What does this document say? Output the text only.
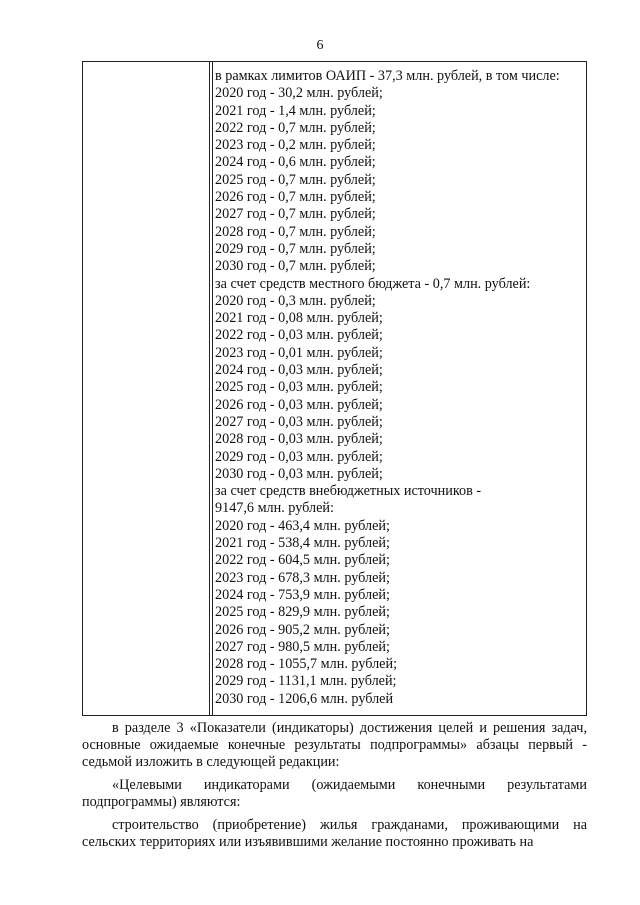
6
в рамках лимитов ОАИП - 37,3 млн. рублей, в том числе:
2020 год - 30,2 млн. рублей;
2021 год - 1,4 млн. рублей;
2022 год - 0,7 млн. рублей;
2023 год - 0,2 млн. рублей;
2024 год - 0,6 млн. рублей;
2025 год - 0,7 млн. рублей;
2026 год - 0,7 млн. рублей;
2027 год - 0,7 млн. рублей;
2028 год - 0,7 млн. рублей;
2029 год - 0,7 млн. рублей;
2030 год - 0,7 млн. рублей;
за счет средств местного бюджета - 0,7 млн. рублей:
2020 год - 0,3 млн. рублей;
2021 год - 0,08 млн. рублей;
2022 год - 0,03 млн. рублей;
2023 год - 0,01 млн. рублей;
2024 год - 0,03 млн. рублей;
2025 год - 0,03 млн. рублей;
2026 год - 0,03 млн. рублей;
2027 год - 0,03 млн. рублей;
2028 год - 0,03 млн. рублей;
2029 год - 0,03 млн. рублей;
2030 год - 0,03 млн. рублей;
за счет средств внебюджетных источников -
9147,6 млн. рублей:
2020 год - 463,4 млн. рублей;
2021 год - 538,4 млн. рублей;
2022 год - 604,5 млн. рублей;
2023 год - 678,3 млн. рублей;
2024 год - 753,9 млн. рублей;
2025 год - 829,9 млн. рублей;
2026 год - 905,2 млн. рублей;
2027 год - 980,5 млн. рублей;
2028 год - 1055,7 млн. рублей;
2029 год - 1131,1 млн. рублей;
2030 год - 1206,6 млн. рублей

в разделе 3 «Показатели (индикаторы) достижения целей и решения задач, основные ожидаемые конечные результаты подпрограммы» абзацы первый - седьмой изложить в следующей редакции:

«Целевыми индикаторами (ожидаемыми конечными результатами подпрограммы) являются:

строительство (приобретение) жилья гражданами, проживающими на сельских территориях или изъявившими желание постоянно проживать на
